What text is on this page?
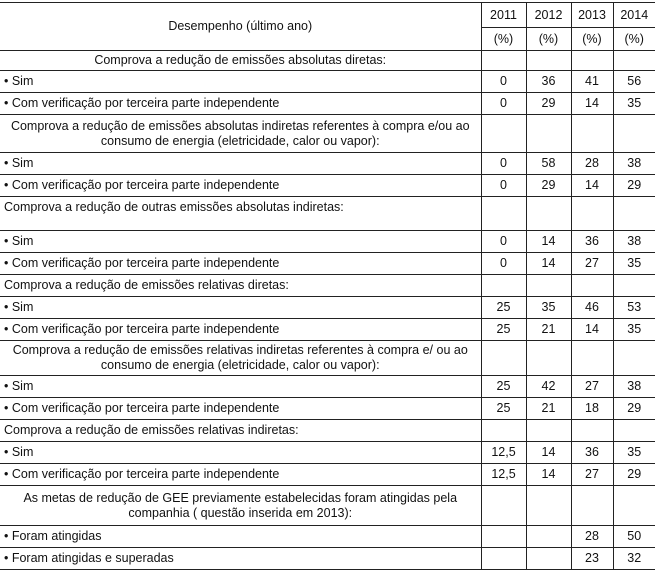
Desempenho (último ano)	2011	2012	2013	2014
	(%)	(%)	(%)	(%)
Comprova a redução de emissões absolutas diretas:				
• Sim	0	36	41	56
• Com verificação por terceira parte independente	0	29	14	35
Comprova a redução de emissões absolutas indiretas referentes à compra e/ou ao consumo de energia (eletricidade, calor ou vapor):				
• Sim	0	58	28	38
• Com verificação por terceira parte independente	0	29	14	29
Comprova a redução de outras emissões absolutas indiretas:				
• Sim	0	14	36	38
• Com verificação por terceira parte independente	0	14	27	35
Comprova a redução de emissões relativas diretas:				
• Sim	25	35	46	53
• Com verificação por terceira parte independente	25	21	14	35
Comprova a redução de emissões relativas indiretas referentes à compra e/ ou ao consumo de energia (eletricidade, calor ou vapor):				
• Sim	25	42	27	38
• Com verificação por terceira parte independente	25	21	18	29
Comprova a redução de emissões relativas indiretas:				
• Sim	12,5	14	36	35
• Com verificação por terceira parte independente	12,5	14	27	29
As metas de redução de GEE previamente estabelecidas foram atingidas pela companhia ( questão inserida em 2013):				
• Foram atingidas			28	50
• Foram atingidas e superadas			23	32
